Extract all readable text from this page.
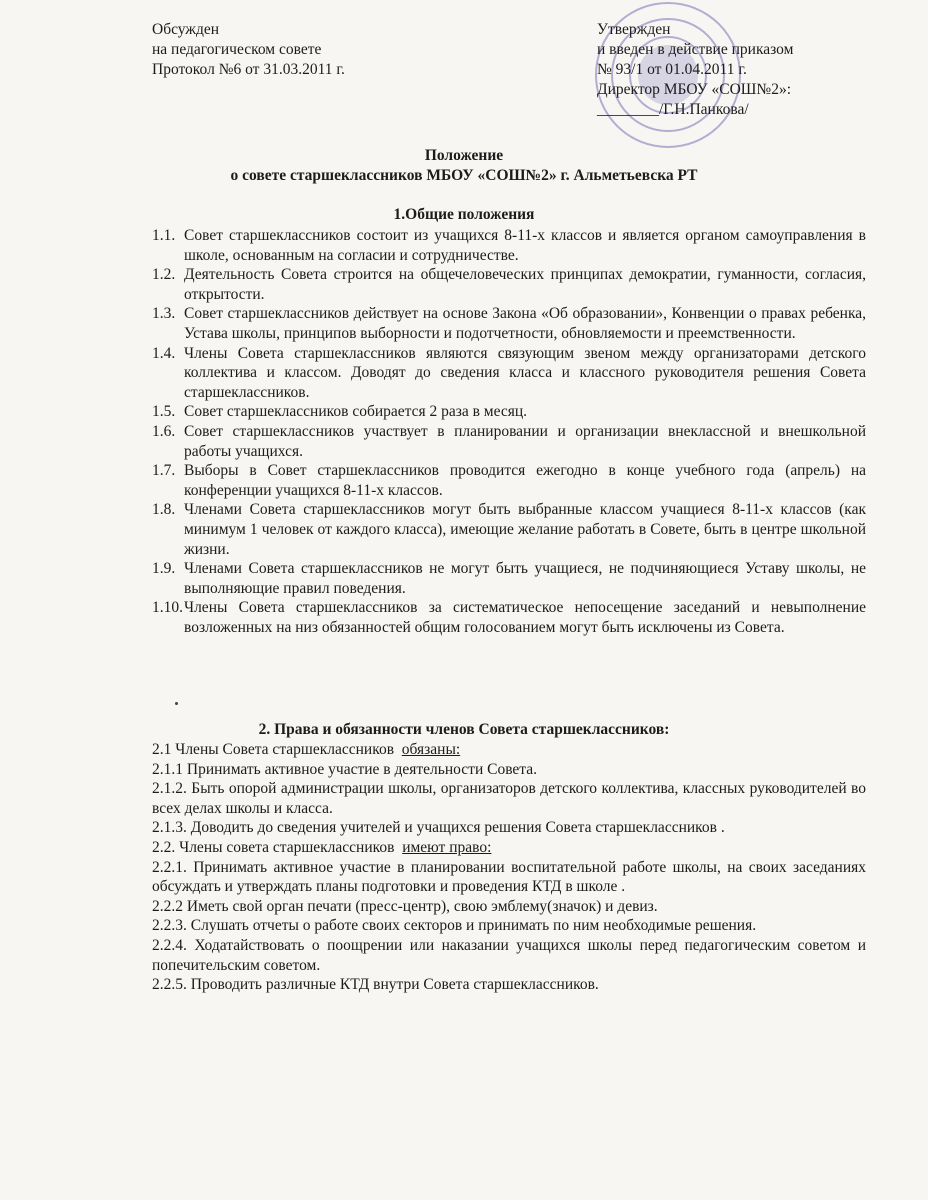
Обсужден
на педагогическом совете
Протокол №6 от 31.03.2011 г.
Утвержден
и введен в действие приказом
№ 93/1 от 01.04.2011 г.
Директор МБОУ «СОШ№2»:
________/Г.Н.Панкова/
Положение
о совете старшеклассников МБОУ «СОШ№2» г. Альметьевска РТ
1.Общие положения
1.1. Совет старшеклассников состоит из учащихся 8-11-х классов и является органом самоуправления в школе, основанным на согласии и сотрудничестве.
1.2. Деятельность Совета строится на общечеловеческих принципах демократии, гуманности, согласия, открытости.
1.3. Совет старшеклассников действует на основе Закона «Об образовании», Конвенции о правах ребенка, Устава школы, принципов выборности и подотчетности, обновляемости и преемственности.
1.4. Члены Совета старшеклассников являются связующим звеном между организаторами детского коллектива и классом. Доводят до сведения класса и классного руководителя решения Совета старшеклассников.
1.5. Совет старшеклассников собирается 2 раза в месяц.
1.6. Совет старшеклассников участвует в планировании и организации внеклассной и внешкольной работы учащихся.
1.7. Выборы в Совет старшеклассников проводится ежегодно в конце учебного года (апрель) на конференции учащихся 8-11-х классов.
1.8. Членами Совета старшеклассников могут быть выбранные классом учащиеся 8-11-х классов (как минимум 1 человек от каждого класса), имеющие желание работать в Совете, быть в центре школьной жизни.
1.9. Членами Совета старшеклассников не могут быть учащиеся, не подчиняющиеся Уставу школы, не выполняющие правил поведения.
1.10. Члены Совета старшеклассников за систематическое непосещение заседаний и невыполнение возложенных на низ обязанностей общим голосованием могут быть исключены из Совета.
2. Права и обязанности членов Совета старшеклассников:
2.1 Члены Совета старшеклассников  обязаны:
2.1.1 Принимать активное участие в деятельности Совета.
2.1.2. Быть опорой администрации школы, организаторов детского коллектива, классных руководителей во всех делах школы и класса.
2.1.3. Доводить до сведения учителей и учащихся решения Совета старшеклассников .
2.2. Члены совета старшеклассников  имеют право:
2.2.1. Принимать активное участие в планировании воспитательной работе школы, на своих заседаниях обсуждать и утверждать планы подготовки и проведения КТД в школе .
2.2.2 Иметь свой орган печати (пресс-центр), свою эмблему(значок) и девиз.
2.2.3. Слушать отчеты о работе своих секторов и принимать по ним необходимые решения.
2.2.4. Ходатайствовать о поощрении или наказании учащихся школы перед педагогическим советом и попечительским советом.
2.2.5. Проводить различные КТД внутри Совета старшеклассников.
